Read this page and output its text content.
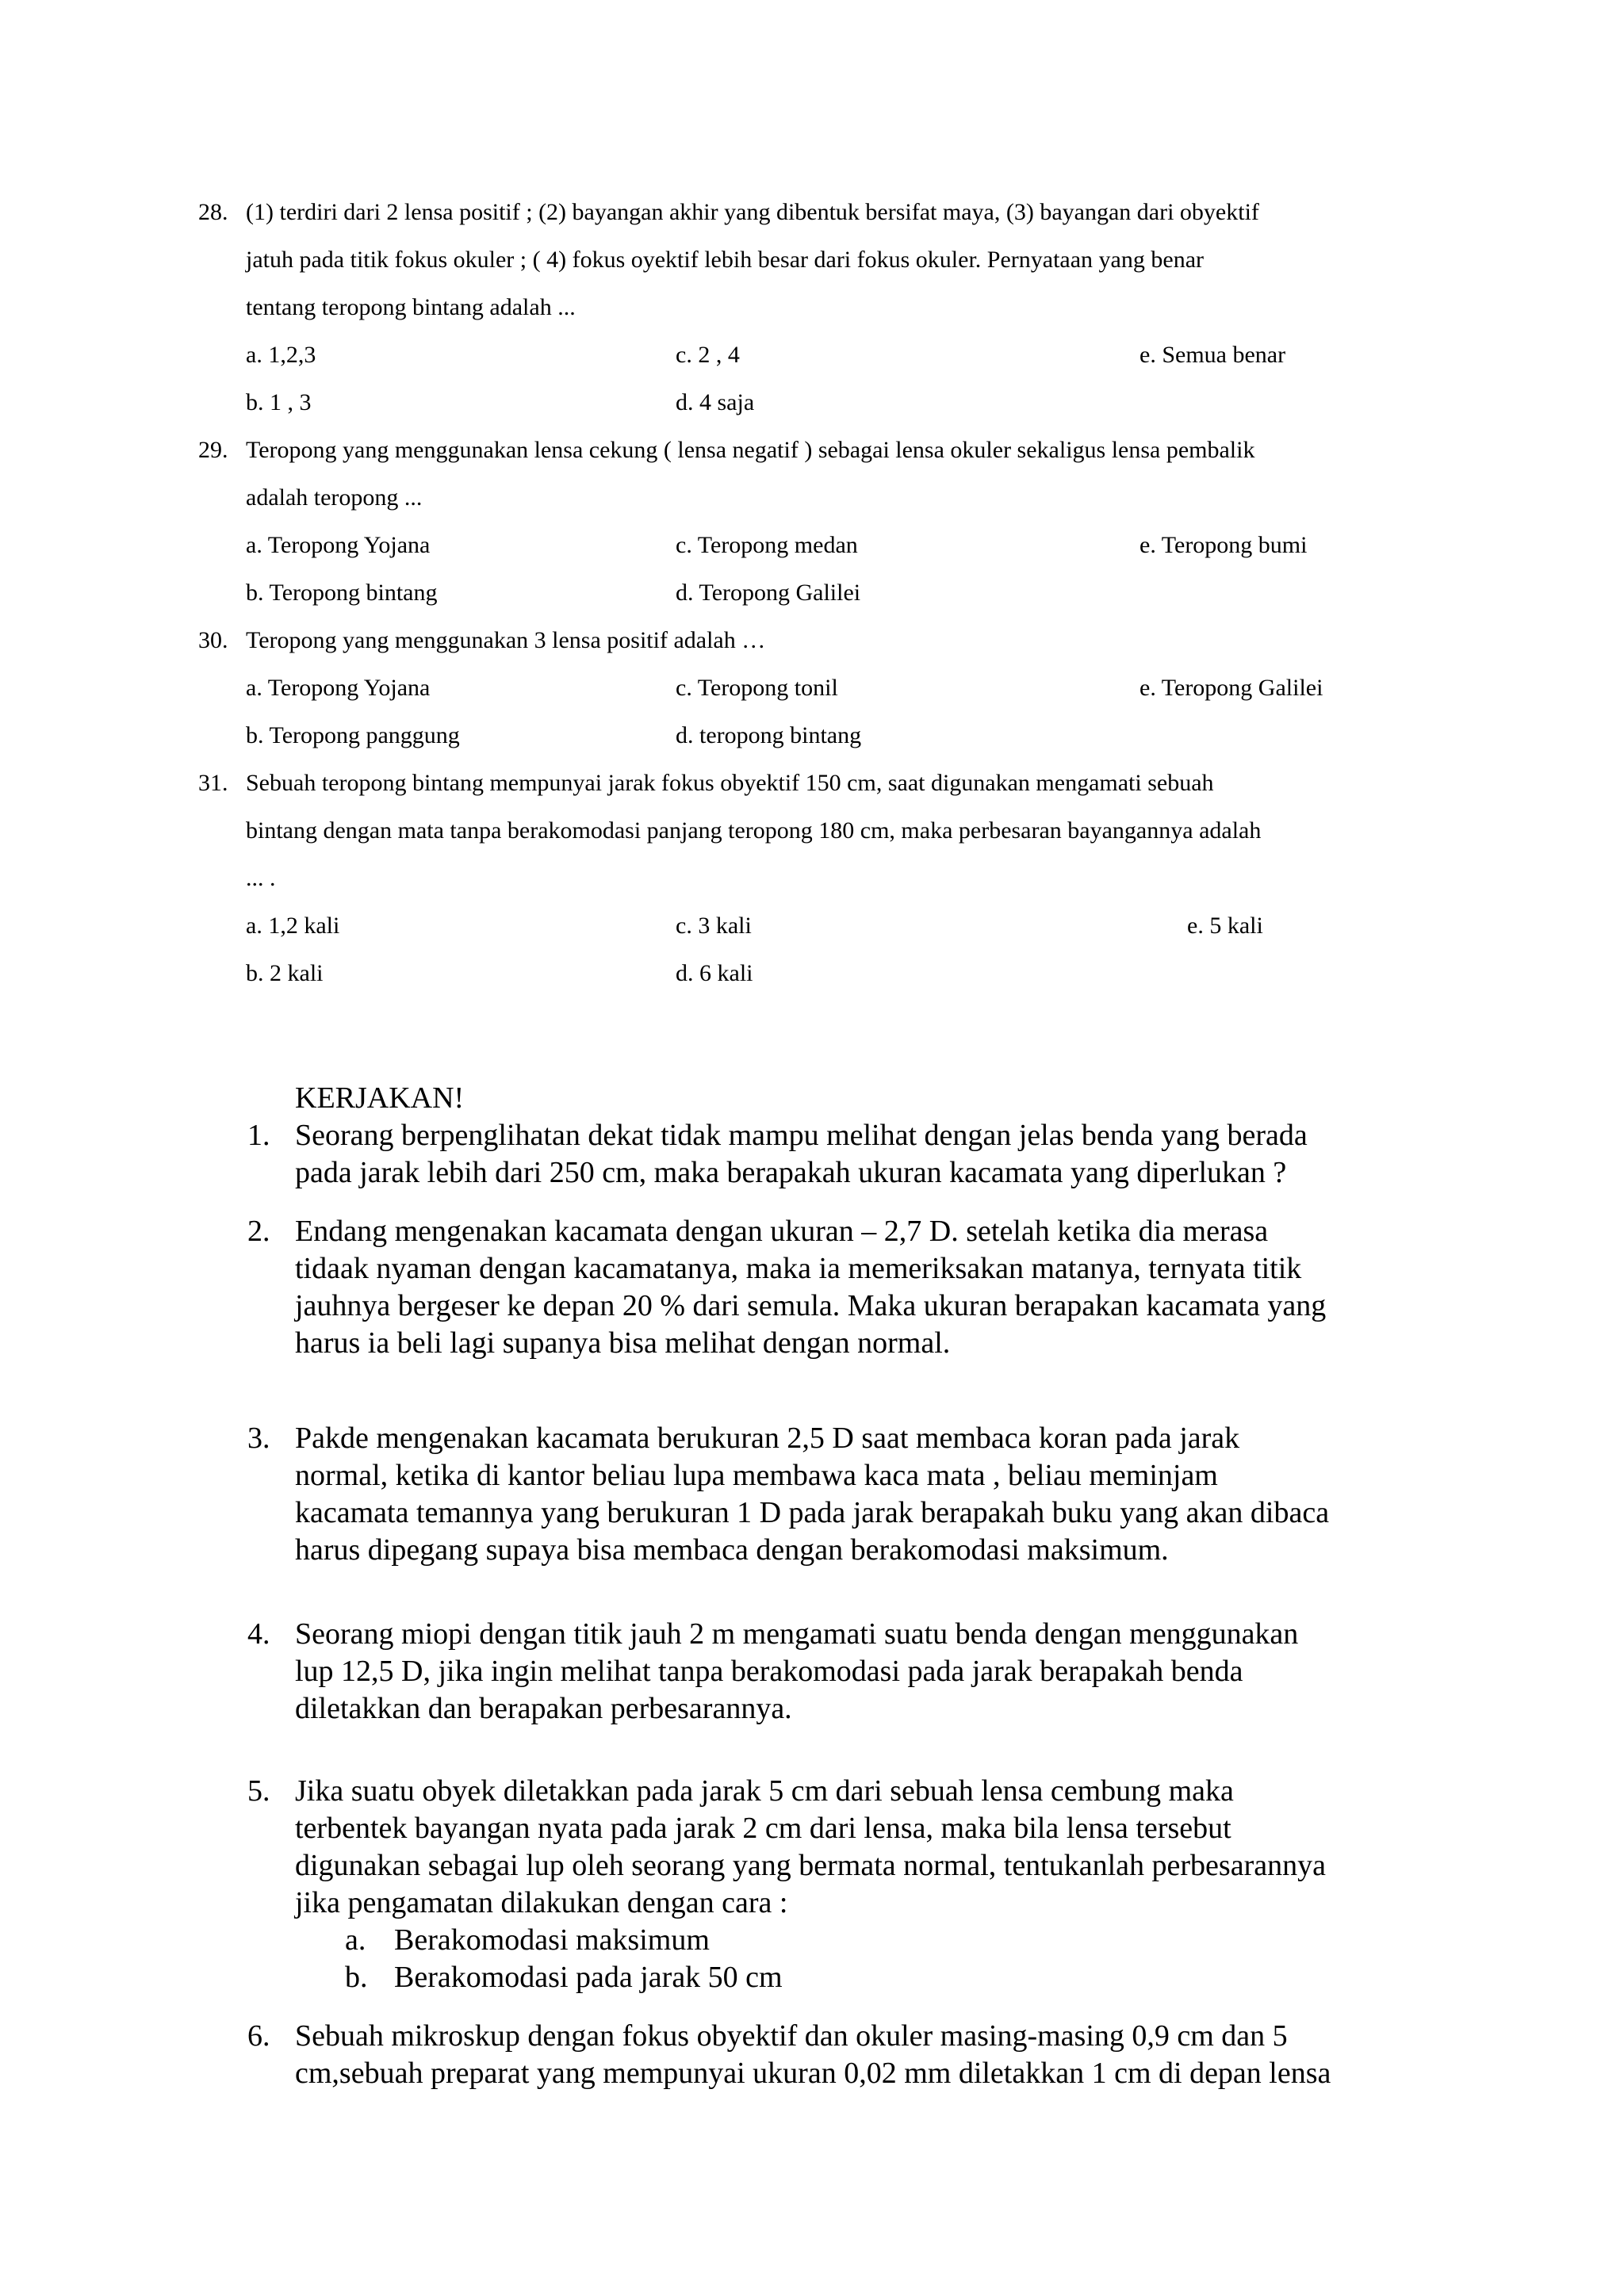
28. (1) terdiri dari 2 lensa positif ; (2) bayangan akhir yang dibentuk bersifat maya, (3) bayangan dari obyektif
jatuh pada titik fokus okuler ; ( 4) fokus oyektif lebih besar dari fokus okuler. Pernyataan yang benar
tentang teropong bintang adalah ...
a. 1,2,3	c. 2 , 4	e. Semua benar
b. 1 , 3	d. 4 saja
29. Teropong yang menggunakan lensa cekung ( lensa negatif ) sebagai lensa okuler sekaligus lensa pembalik
adalah teropong ...
a. Teropong Yojana	c. Teropong medan	e. Teropong bumi
b. Teropong bintang	d. Teropong Galilei
30. Teropong yang menggunakan 3 lensa positif adalah …
a. Teropong Yojana	c. Teropong tonil	e. Teropong Galilei
b. Teropong panggung	d. teropong bintang
31. Sebuah teropong bintang mempunyai jarak fokus obyektif 150 cm, saat digunakan mengamati sebuah
bintang dengan mata tanpa berakomodasi panjang teropong 180 cm, maka perbesaran bayangannya adalah
... .
a. 1,2 kali	c. 3 kali	e. 5 kali
b. 2 kali	d. 6 kali
KERJAKAN!
1. Seorang berpenglihatan dekat tidak mampu melihat dengan jelas benda yang berada
pada jarak lebih dari 250 cm, maka berapakah ukuran kacamata yang diperlukan ?
2. Endang mengenakan kacamata dengan ukuran – 2,7 D. setelah ketika dia merasa
tidaak nyaman dengan kacamatanya, maka ia memeriksakan matanya, ternyata titik
jauhnya bergeser ke depan 20 % dari semula. Maka ukuran berapakan kacamata yang
harus ia beli lagi supanya bisa melihat dengan normal.
3. Pakde mengenakan kacamata berukuran 2,5 D saat membaca koran pada jarak
normal, ketika di kantor beliau lupa membawa kaca mata , beliau meminjam
kacamata temannya yang berukuran 1 D pada jarak berapakah buku yang akan dibaca
harus dipegang supaya bisa membaca dengan berakomodasi maksimum.
4. Seorang miopi dengan titik jauh 2 m mengamati suatu benda dengan menggunakan
lup 12,5 D, jika ingin melihat tanpa berakomodasi pada jarak berapakah benda
diletakkan dan berapakan perbesarannya.
5. Jika suatu obyek diletakkan pada jarak 5 cm dari sebuah lensa cembung maka
terbentek bayangan nyata pada jarak 2 cm dari lensa, maka bila lensa tersebut
digunakan sebagai lup oleh seorang yang bermata normal, tentukanlah perbesarannya
jika pengamatan dilakukan dengan cara :
a. Berakomodasi maksimum
b. Berakomodasi pada jarak 50 cm
6. Sebuah mikroskup dengan fokus obyektif dan okuler masing-masing 0,9 cm dan 5
cm,sebuah preparat yang mempunyai ukuran 0,02 mm diletakkan 1 cm di depan lensa
